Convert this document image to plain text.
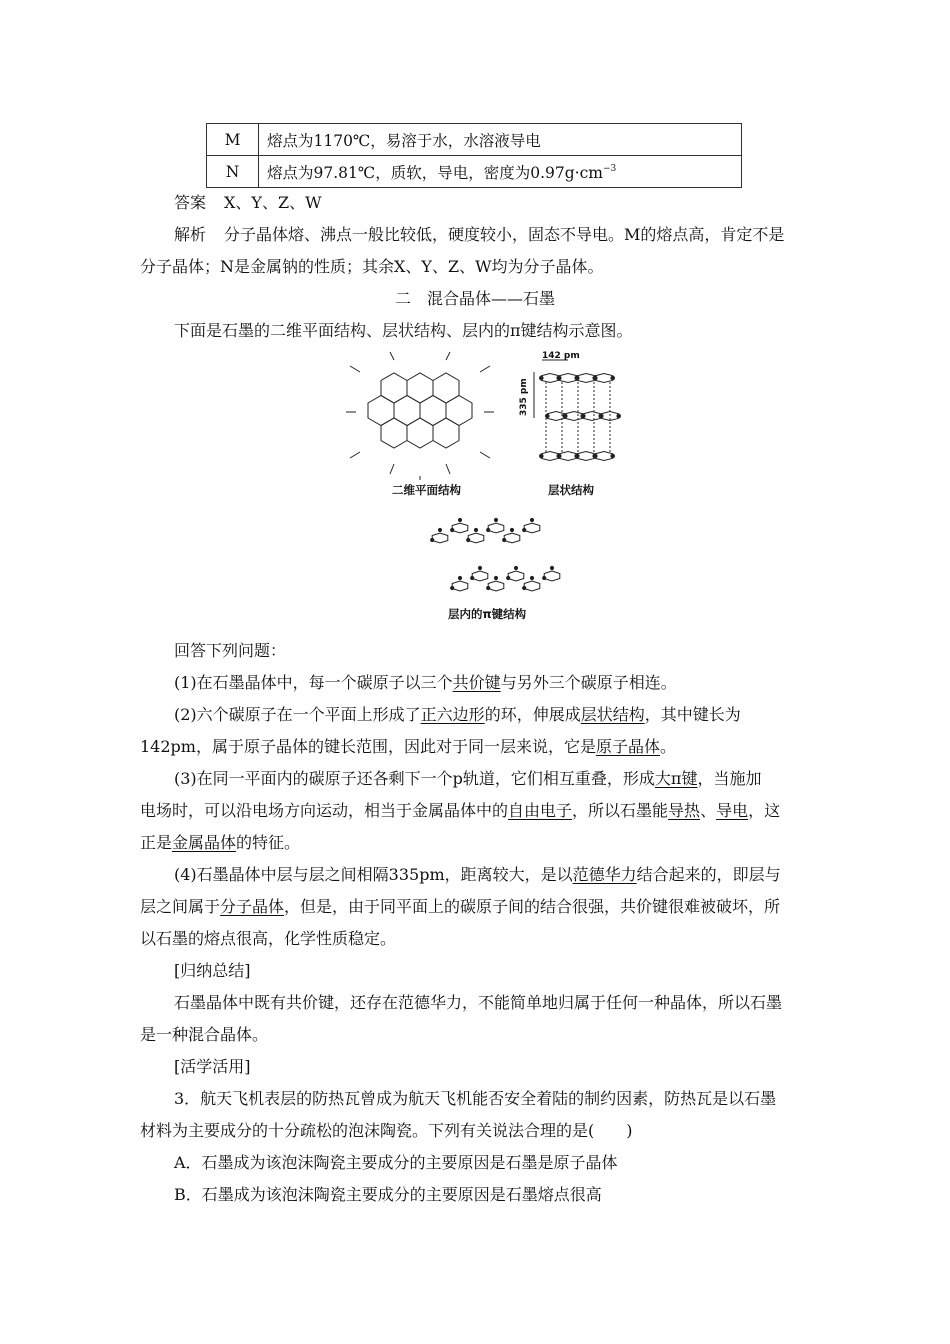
M	熔点为1170℃，易溶于水，水溶液导电
N	熔点为97.81℃，质软，导电，密度为$0.97g\cdot cm^{-3}$
答案 X、Y、Z、W
解析 分子晶体熔、沸点一般比较低，硬度较小，固态不导电。M的熔点高，肯定不是
分子晶体；N是金属钠的性质；其余X、Y、Z、W均为分子晶体。
二　混合晶体——石墨
下面是石墨的二维平面结构、层状结构、层内的π键结构示意图。
二维平面结构
142 pm
335 pm
层状结构
层内的π键结构
回答下列问题：
(1)在石墨晶体中，每一个碳原子以三个共价键与另外三个碳原子相连。
(2)六个碳原子在一个平面上形成了正六边形的环，伸展成层状结构，其中键长为
142pm，属于原子晶体的键长范围，因此对于同一层来说，它是原子晶体。
(3)在同一平面内的碳原子还各剩下一个p轨道，它们相互重叠，形成大π键，当施加
电场时，可以沿电场方向运动，相当于金属晶体中的自由电子，所以石墨能导热、导电，这
正是金属晶体的特征。
(4)石墨晶体中层与层之间相隔335pm，距离较大，是以范德华力结合起来的，即层与
层之间属于分子晶体，但是，由于同平面上的碳原子间的结合很强，共价键很难被破坏，所
以石墨的熔点很高，化学性质稳定。
[归纳总结]
石墨晶体中既有共价键，还存在范德华力，不能简单地归属于任何一种晶体，所以石墨
是一种混合晶体。
[活学活用]
3．航天飞机表层的防热瓦曾成为航天飞机能否安全着陆的制约因素，防热瓦是以石墨
材料为主要成分的十分疏松的泡沫陶瓷。下列有关说法合理的是(　　)
A．石墨成为该泡沫陶瓷主要成分的主要原因是石墨是原子晶体
B．石墨成为该泡沫陶瓷主要成分的主要原因是石墨熔点很高
